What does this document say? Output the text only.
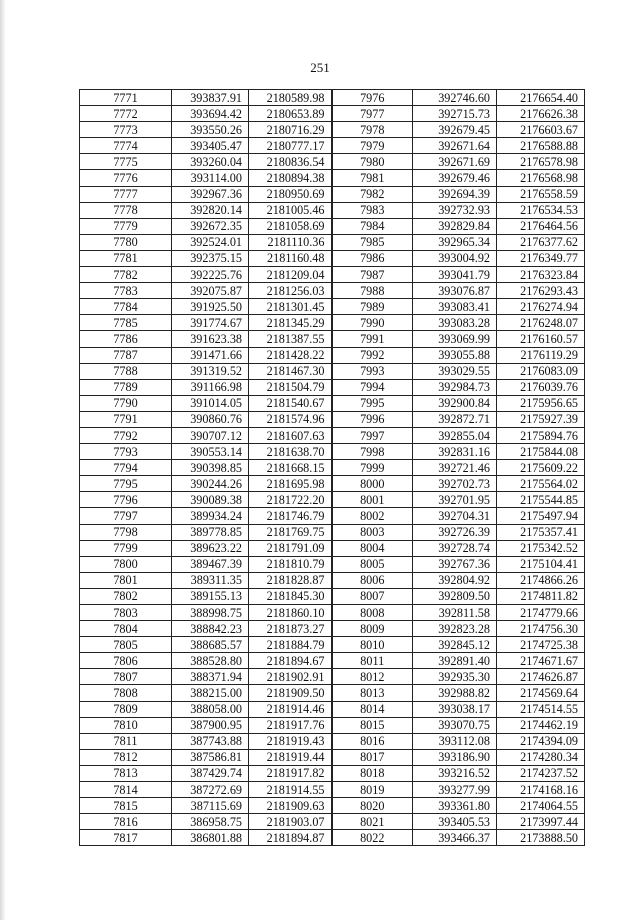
251
7771	393837.91	2180589.98	7976	392746.60	2176654.40
7772	393694.42	2180653.89	7977	392715.73	2176626.38
7773	393550.26	2180716.29	7978	392679.45	2176603.67
7774	393405.47	2180777.17	7979	392671.64	2176588.88
7775	393260.04	2180836.54	7980	392671.69	2176578.98
7776	393114.00	2180894.38	7981	392679.46	2176568.98
7777	392967.36	2180950.69	7982	392694.39	2176558.59
7778	392820.14	2181005.46	7983	392732.93	2176534.53
7779	392672.35	2181058.69	7984	392829.84	2176464.56
7780	392524.01	2181110.36	7985	392965.34	2176377.62
7781	392375.15	2181160.48	7986	393004.92	2176349.77
7782	392225.76	2181209.04	7987	393041.79	2176323.84
7783	392075.87	2181256.03	7988	393076.87	2176293.43
7784	391925.50	2181301.45	7989	393083.41	2176274.94
7785	391774.67	2181345.29	7990	393083.28	2176248.07
7786	391623.38	2181387.55	7991	393069.99	2176160.57
7787	391471.66	2181428.22	7992	393055.88	2176119.29
7788	391319.52	2181467.30	7993	393029.55	2176083.09
7789	391166.98	2181504.79	7994	392984.73	2176039.76
7790	391014.05	2181540.67	7995	392900.84	2175956.65
7791	390860.76	2181574.96	7996	392872.71	2175927.39
7792	390707.12	2181607.63	7997	392855.04	2175894.76
7793	390553.14	2181638.70	7998	392831.16	2175844.08
7794	390398.85	2181668.15	7999	392721.46	2175609.22
7795	390244.26	2181695.98	8000	392702.73	2175564.02
7796	390089.38	2181722.20	8001	392701.95	2175544.85
7797	389934.24	2181746.79	8002	392704.31	2175497.94
7798	389778.85	2181769.75	8003	392726.39	2175357.41
7799	389623.22	2181791.09	8004	392728.74	2175342.52
7800	389467.39	2181810.79	8005	392767.36	2175104.41
7801	389311.35	2181828.87	8006	392804.92	2174866.26
7802	389155.13	2181845.30	8007	392809.50	2174811.82
7803	388998.75	2181860.10	8008	392811.58	2174779.66
7804	388842.23	2181873.27	8009	392823.28	2174756.30
7805	388685.57	2181884.79	8010	392845.12	2174725.38
7806	388528.80	2181894.67	8011	392891.40	2174671.67
7807	388371.94	2181902.91	8012	392935.30	2174626.87
7808	388215.00	2181909.50	8013	392988.82	2174569.64
7809	388058.00	2181914.46	8014	393038.17	2174514.55
7810	387900.95	2181917.76	8015	393070.75	2174462.19
7811	387743.88	2181919.43	8016	393112.08	2174394.09
7812	387586.81	2181919.44	8017	393186.90	2174280.34
7813	387429.74	2181917.82	8018	393216.52	2174237.52
7814	387272.69	2181914.55	8019	393277.99	2174168.16
7815	387115.69	2181909.63	8020	393361.80	2174064.55
7816	386958.75	2181903.07	8021	393405.53	2173997.44
7817	386801.88	2181894.87	8022	393466.37	2173888.50
